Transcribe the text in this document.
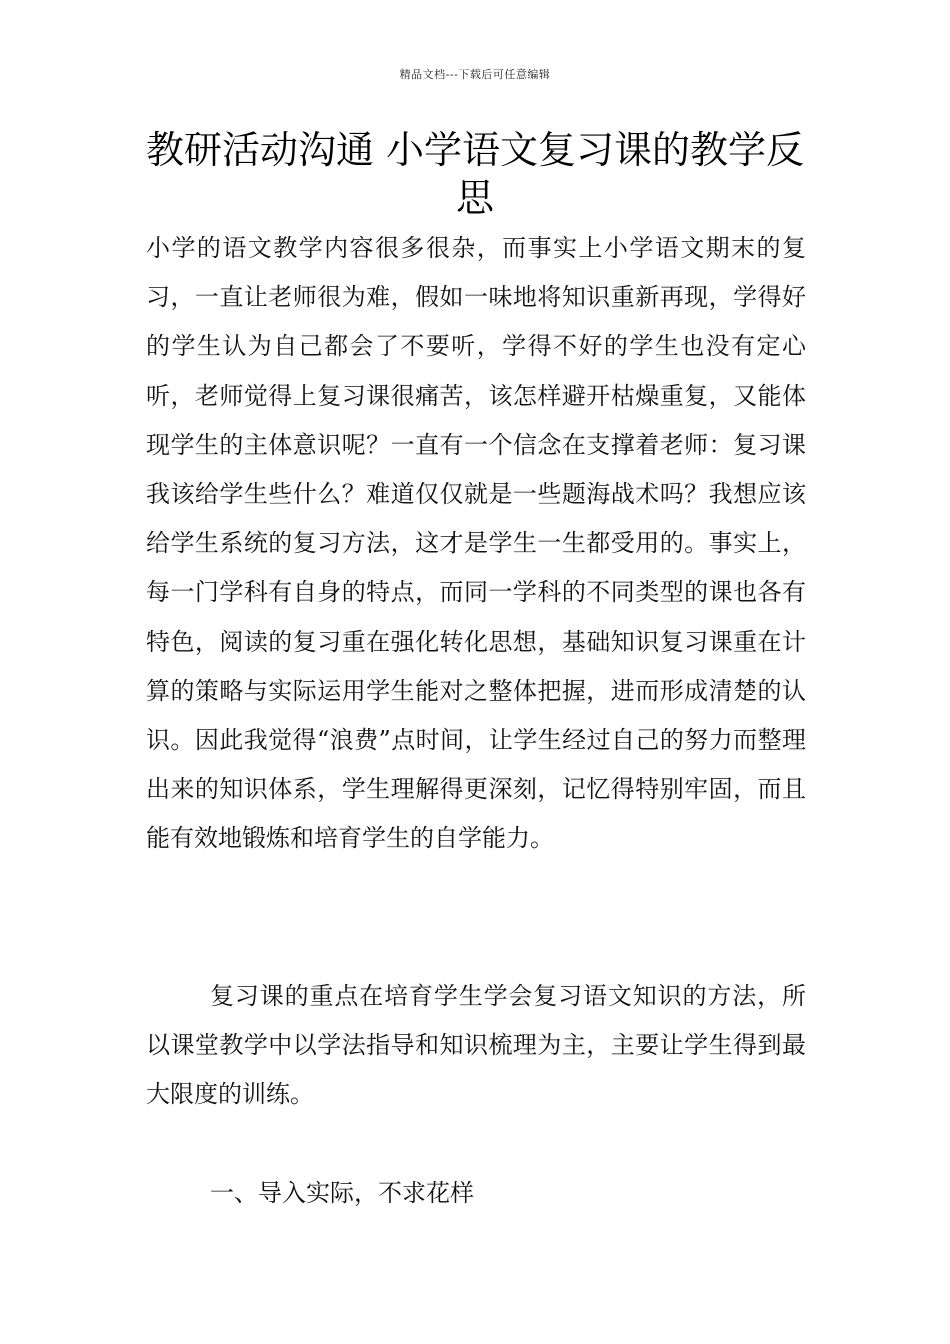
精品文档---下载后可任意编辑
教研活动沟通 小学语文复习课的教学反思

小学的语文教学内容很多很杂，而事实上小学语文期末的复习，一直让老师很为难，假如一味地将知识重新再现，学得好的学生认为自己都会了不要听，学得不好的学生也没有定心听，老师觉得上复习课很痛苦，该怎样避开枯燥重复，又能体现学生的主体意识呢？一直有一个信念在支撑着老师：复习课我该给学生些什么？难道仅仅就是一些题海战术吗？我想应该给学生系统的复习方法，这才是学生一生都受用的。事实上，每一门学科有自身的特点，而同一学科的不同类型的课也各有特色，阅读的复习重在强化转化思想，基础知识复习课重在计算的策略与实际运用学生能对之整体把握，进而形成清楚的认识。因此我觉得“浪费”点时间，让学生经过自己的努力而整理出来的知识体系，学生理解得更深刻，记忆得特别牢固，而且能有效地锻炼和培育学生的自学能力。

复习课的重点在培育学生学会复习语文知识的方法，所以课堂教学中以学法指导和知识梳理为主，主要让学生得到最大限度的训练。

一、导入实际，不求花样
